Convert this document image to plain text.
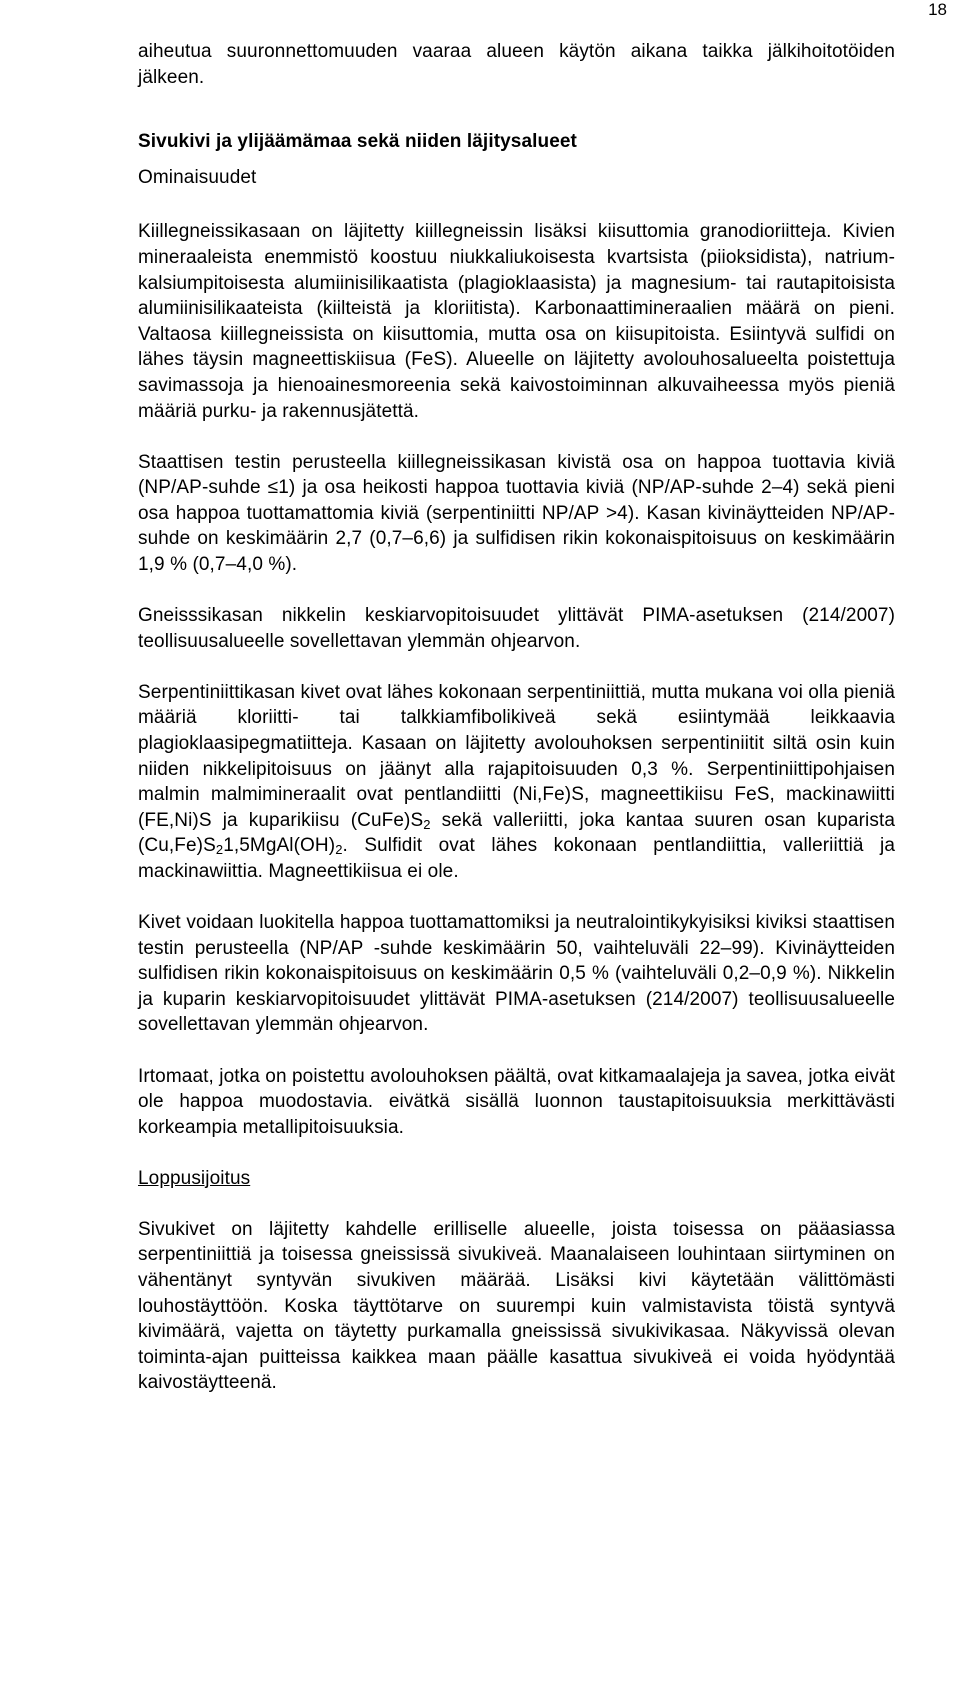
18

aiheutua suuronnettomuuden vaaraa alueen käytön aikana taikka jälkihoitotöiden jälkeen.

Sivukivi ja ylijäämämaa sekä niiden läjitysalueet
Ominaisuudet

Kiillegneissikasaan on läjitetty kiillegneissin lisäksi kiisuttomia granodioriitteja. Kivien mineraaleista enemmistö koostuu niukkaliukoisesta kvartsista (piioksidista), natrium-kalsiumpitoisesta alumiinisilikaatista (plagioklaasista) ja magnesium- tai rautapitoisista alumiinisilikaateista (kiilteistä ja kloriitista). Karbonaattimineraalien määrä on pieni. Valtaosa kiillegneissista on kiisuttomia, mutta osa on kiisupitoista. Esiintyvä sulfidi on lähes täysin magneettiskiisua (FeS). Alueelle on läjitetty avolouhosalueelta poistettuja savimassoja ja hienoainesmoreenia sekä kaivostoiminnan alkuvaiheessa myös pieniä määriä purku- ja rakennusjätettä.

Staattisen testin perusteella kiillegneissikasan kivistä osa on happoa tuottavia kiviä (NP/AP-suhde ≤1) ja osa heikosti happoa tuottavia kiviä (NP/AP-suhde 2–4) sekä pieni osa happoa tuottamattomia kiviä (serpentiniitti NP/AP >4). Kasan kivinäytteiden NP/AP-suhde on keskimäärin 2,7 (0,7–6,6) ja sulfidisen rikin kokonaispitoisuus on keskimäärin 1,9 % (0,7–4,0 %).

Gneisssikasan nikkelin keskiarvopitoisuudet ylittävät PIMA-asetuksen (214/2007) teollisuusalueelle sovellettavan ylemmän ohjearvon.

Serpentiniittikasan kivet ovat lähes kokonaan serpentiniittiä, mutta mukana voi olla pieniä määriä kloriitti- tai talkkiamfibolikiveä sekä esiintymää leikkaavia plagioklaasipegmatiitteja. Kasaan on läjitetty avolouhoksen serpentiniitit siltä osin kuin niiden nikkelipitoisuus on jäänyt alla rajapitoisuuden 0,3 %. Serpentiniittipohjaisen malmin malmimineraalit ovat pentlandiitti (Ni,Fe)S, magneettikiisu FeS, mackinawiitti (FE,Ni)S ja kuparikiisu $(CuFe)S_2$ sekä valleriitti, joka kantaa suuren osan kuparista $(Cu,Fe)S_21,5MgAl(OH)_2$. Sulfidit ovat lähes kokonaan pentlandiittia, valleriittiä ja mackinawiittia. Magneettikiisua ei ole.

Kivet voidaan luokitella happoa tuottamattomiksi ja neutralointikykyisiksi kiviksi staattisen testin perusteella (NP/AP -suhde keskimäärin 50, vaihteluväli 22–99). Kivinäytteiden sulfidisen rikin kokonaispitoisuus on keskimäärin 0,5 % (vaihteluväli 0,2–0,9 %). Nikkelin ja kuparin keskiarvopitoisuudet ylittävät PIMA-asetuksen (214/2007) teollisuusalueelle sovellettavan ylemmän ohjearvon.

Irtomaat, jotka on poistettu avolouhoksen päältä, ovat kitkamaalajeja ja savea, jotka eivät ole happoa muodostavia. eivätkä sisällä luonnon taustapitoisuuksia merkittävästi korkeampia metallipitoisuuksia.

Loppusijoitus

Sivukivet on läjitetty kahdelle erilliselle alueelle, joista toisessa on pääasiassa serpentiniittiä ja toisessa gneississä sivukiveä. Maanalaiseen louhintaan siirtyminen on vähentänyt syntyvän sivukiven määrää. Lisäksi kivi käytetään välittömästi louhostäyttöön. Koska täyttötarve on suurempi kuin valmistavista töistä syntyvä kivimäärä, vajetta on täytetty purkamalla gneississä sivukivikasaa. Näkyvissä olevan toiminta-ajan puitteissa kaikkea maan päälle kasattua sivukiveä ei voida hyödyntää kaivostäytteenä.
